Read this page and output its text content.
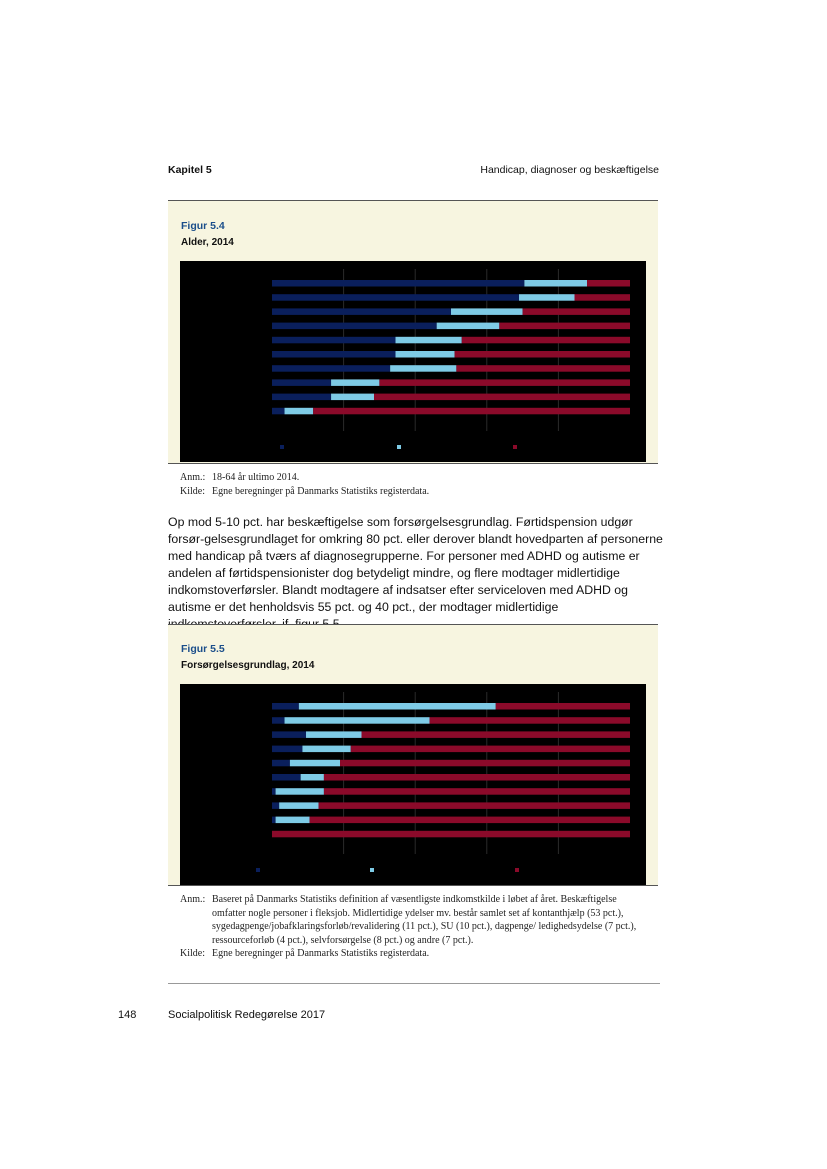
Kapitel 5	Handicap, diagnoser og beskæftigelse
Figur 5.4
Alder, 2014
Anm.: 18-64 år ultimo 2014.
Kilde: Egne beregninger på Danmarks Statistiks registerdata.
Op mod 5-10 pct. har beskæftigelse som forsørgelsesgrundlag. Førtidspension udgør forsør-gelsesgrundlaget for omkring 80 pct. eller derover blandt hovedparten af personerne med handicap på tværs af diagnosegrupperne. For personer med ADHD og autisme er andelen af førtidspensionister dog betydeligt mindre, og flere modtager midlertidige indkomstoverførsler. Blandt modtagere af indsatser efter serviceloven med ADHD og autisme er det henholdsvis 55 pct. og 40 pct., der modtager midlertidige
Figur 5.5
Forsørgelsesgrundlag, 2014
Anm.: Baseret på Danmarks Statistiks definition af væsentligste indkomstkilde i løbet af året. Beskæftigelse omfatter nogle personer i fleksjob. Midlertidige ydelser mv. består samlet set af kontanthjælp (53 pct.), sygedagpenge/jobafklaringsforløb/revalidering (11 pct.), SU (10 pct.), dagpenge/ ledighedsydelse (7 pct.), ressourceforløb (4 pct.), selvforsørgelse (8 pct.) og andre (7 pct.).
Kilde: Egne beregninger på Danmarks Statistiks registerdata.
148	Socialpolitisk Redegørelse 2017
